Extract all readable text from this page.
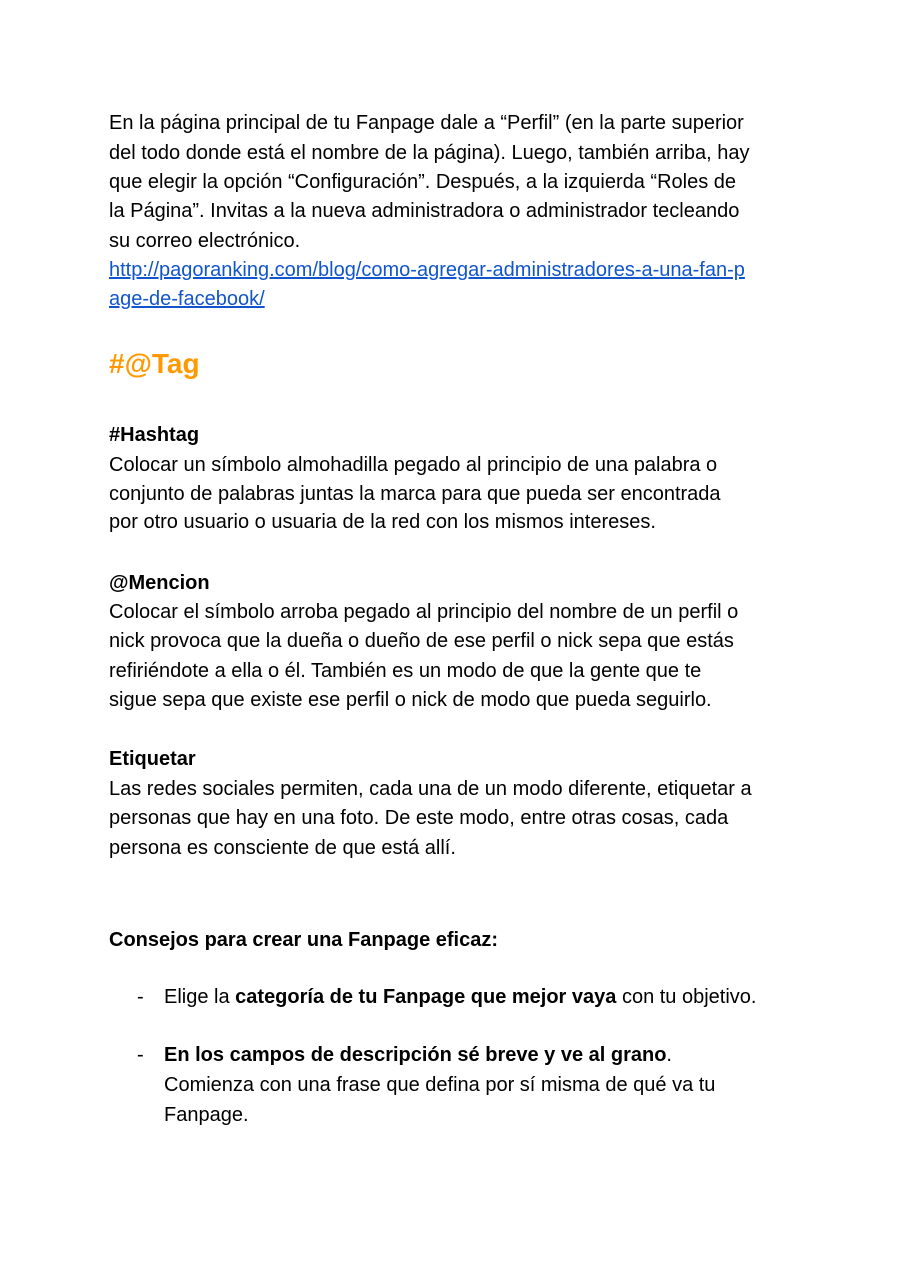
En la página principal de tu Fanpage dale a “Perfil” (en la parte superior
del todo donde está el nombre de la página). Luego, también arriba, hay
que elegir la opción “Configuración”. Después, a la izquierda “Roles de
la Página”. Invitas a la nueva administradora o administrador tecleando
su correo electrónico.
http://pagoranking.com/blog/como-agregar-administradores-a-una-fan-p
age-de-facebook/
#@Tag
#Hashtag
Colocar un símbolo almohadilla pegado al principio de una palabra o
conjunto de palabras juntas la marca para que pueda ser encontrada
por otro usuario o usuaria de la red con los mismos intereses.
@Mencion
Colocar el símbolo arroba pegado al principio del nombre de un perfil o
nick provoca que la dueña o dueño de ese perfil o nick sepa que estás
refiriéndote a ella o él. También es un modo de que la gente que te
sigue sepa que existe ese perfil o nick de modo que pueda seguirlo.
Etiquetar
Las redes sociales permiten, cada una de un modo diferente, etiquetar a
personas que hay en una foto. De este modo, entre otras cosas, cada
persona es consciente de que está allí.
Consejos para crear una Fanpage eficaz:
- Elige la categoría de tu Fanpage que mejor vaya con tu objetivo.
- En los campos de descripción sé breve y ve al grano.
Comienza con una frase que defina por sí misma de qué va tu
Fanpage.
